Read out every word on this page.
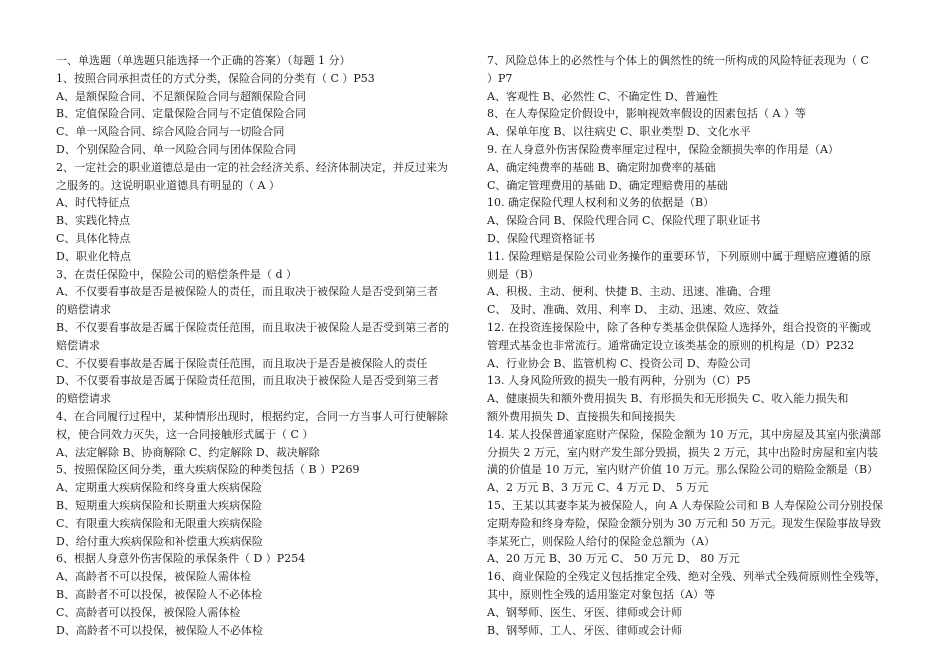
一、单选题（单选题只能选择一个正确的答案）（每题 1 分）
1、按照合同承担责任的方式分类，保险合同的分类有（ C ）P53
A、是额保险合同、不足额保险合同与超额保险合同
B、定值保险合同、定量保险合同与不定值保险合同
C、单一风险合同、综合风险合同与一切险合同
D、个别保险合同、单一风险合同与团体保险合同
2、一定社会的职业道德总是由一定的社会经济关系、经济体制决定，并反过来为
之服务的。这说明职业道德具有明显的（ A ）
A、时代特征点
B、实践化特点
C、具体化特点
D、职业化特点
3、在责任保险中，保险公司的赔偿条件是（ d ）
A、不仅要看事故是否是被保险人的责任，而且取决于被保险人是否受到第三者
的赔偿请求
B、不仅要看事故是否属于保险责任范围，而且取决于被保险人是否受到第三者的
赔偿请求
C、不仅要看事故是否属于保险责任范围，而且取决于是否是被保险人的责任
D、不仅要看事故是否属于保险责任范围，而且取决于被保险人是否受到第三者
的赔偿请求
4、在合同履行过程中，某种情形出现时，根据约定，合同一方当事人可行使解除
权，使合同效力灭失，这一合同接触形式属于（ C ）
A、法定解除 B、协商解除 C、约定解除 D、裁决解除
5、按照保险区间分类，重大疾病保险的种类包括（ B ）P269
A、定期重大疾病保险和终身重大疾病保险
B、短期重大疾病保险和长期重大疾病保险
C、有限重大疾病保险和无限重大疾病保险
D、给付重大疾病保险和补偿重大疾病保险
6、根据人身意外伤害保险的承保条件（ D ）P254
A、高龄者不可以投保，被保险人需体检
B、高龄者不可以投保，被保险人不必体检
C、高龄者可以投保，被保险人需体检
D、高龄者不可以投保，被保险人不必体检
7、风险总体上的必然性与个体上的偶然性的统一所构成的风险特征表现为（ C
）P7
A、客观性 B、必然性 C、不确定性 D、普遍性
8、在人寿保险定价假设中，影响视效率假设的因素包括（ A ）等
A、保单年度 B、以往病史 C、职业类型 D、文化水平
9. 在人身意外伤害保险费率厘定过程中，保险金额损失率的作用是（A）
A、确定纯费率的基础 B、确定附加费率的基础
C、确定管理费用的基础 D、确定理赔费用的基础
10. 确定保险代理人权利和义务的依据是（B）
A、保险合同 B、保险代理合同 C、保险代理了职业证书
D、保险代理资格证书
11. 保险理赔是保险公司业务操作的重要环节，下列原则中属于理赔应遵循的原
则是（B）
A、积极、主动、便利、快捷 B、主动、迅速、准确、合理
C、 及时、准确、效用、利率 D、 主动、迅速、效应、效益
12. 在投资连接保险中，除了各种专类基金供保险人选择外，组合投资的平衡或
管理式基金也非常流行。通常确定设立该类基金的原则的机构是（D）P232
A、行业协会 B、监管机构 C、投资公司 D、寿险公司
13. 人身风险所致的损失一般有两种，分别为（C）P5
A、健康损失和额外费用损失 B、有形损失和无形损失 C、收入能力损失和
额外费用损失 D、直接损失和间接损失
14. 某人投保普通家庭财产保险，保险金额为 10 万元，其中房屋及其室内张潢部
分损失 2 万元，室内财产发生部分毁损，损失 2 万元，其中出险时房屋和室内装
潢的价值是 10 万元，室内财产价值 10 万元。那么保险公司的赔险金额是（B）
A、2 万元 B、3 万元 C、4 万元 D、 5 万元
15、王某以其妻李某为被保险人，向 A 人寿保险公司和 B 人寿保险公司分别投保
定期寿险和终身寿险，保险金额分别为 30 万元和 50 万元。现发生保险事故导致
李某死亡，则保险人给付的保险金总额为（A）
A、20 万元 B、30 万元 C、 50 万元 D、 80 万元
16、商业保险的全残定义包括推定全残、绝对全残、列举式全残荷原则性全残等，
其中，原则性全残的适用鉴定对象包括（A）等
A、钢琴师、医生、牙医、律师或会计师
B、钢琴师、工人、牙医、律师或会计师
